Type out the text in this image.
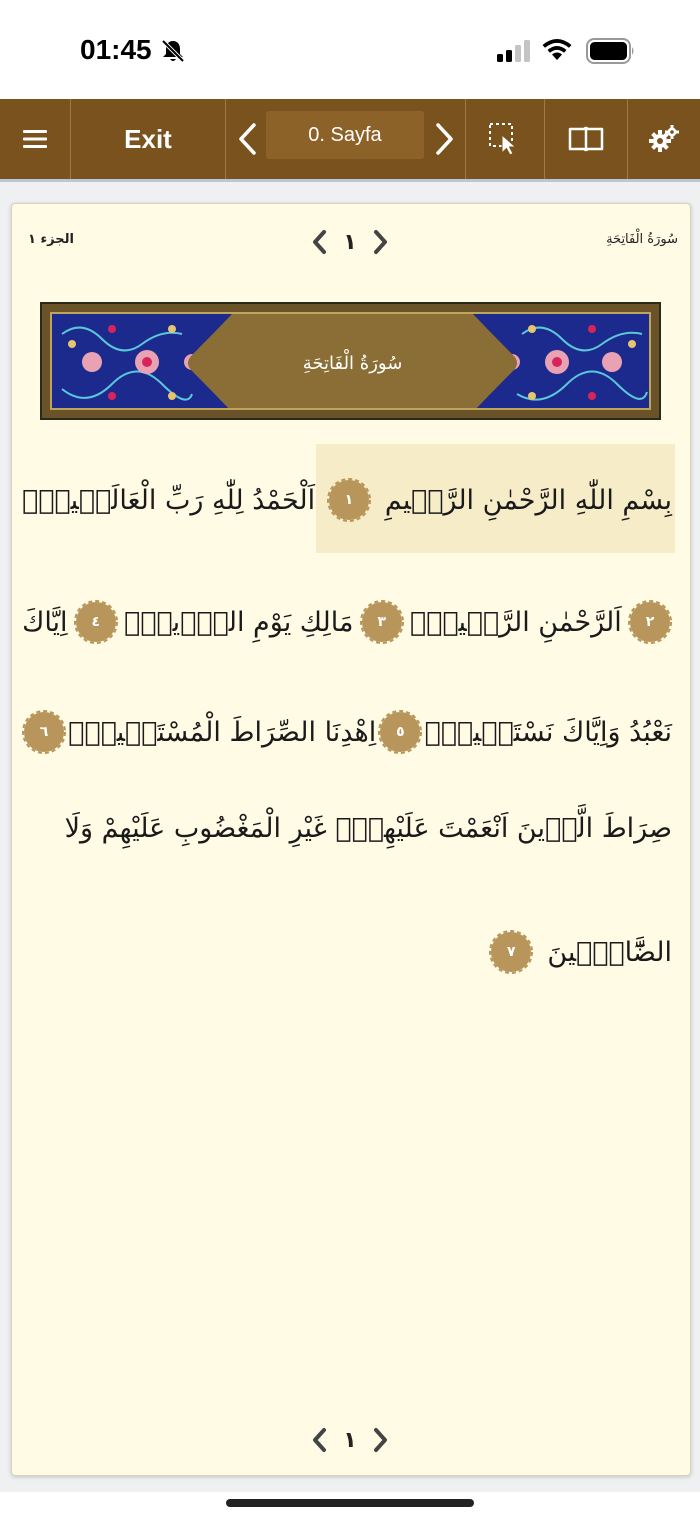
01:45
Exit	0. Sayfa
الجزء ١	سُورَةُ الْفَاتِحَةِ
١
سُورَةُ الْفَاتِحَةِ
بِسْمِ اللّٰهِ الرَّحْمٰنِ الرَّح۪يمِ
١
اَلْحَمْدُ لِلّٰهِ رَبِّ الْعَالَم۪ينَۙ
٢
اَلرَّحْمٰنِ الرَّح۪يمِۙ
٣
مَالِكِ يَوْمِ الدّ۪ينِۜ
٤
اِيَّاكَ
نَعْبُدُ وَاِيَّاكَ نَسْتَع۪ينُۜ
٥
اِهْدِنَا الصِّرَاطَ الْمُسْتَق۪يمَۙ
٦
صِرَاطَ الَّذ۪ينَ اَنْعَمْتَ عَلَيْهِمْۙ غَيْرِ الْمَغْضُوبِ عَلَيْهِمْ وَلَا
الضَّٓالّ۪ينَ
٧
١
